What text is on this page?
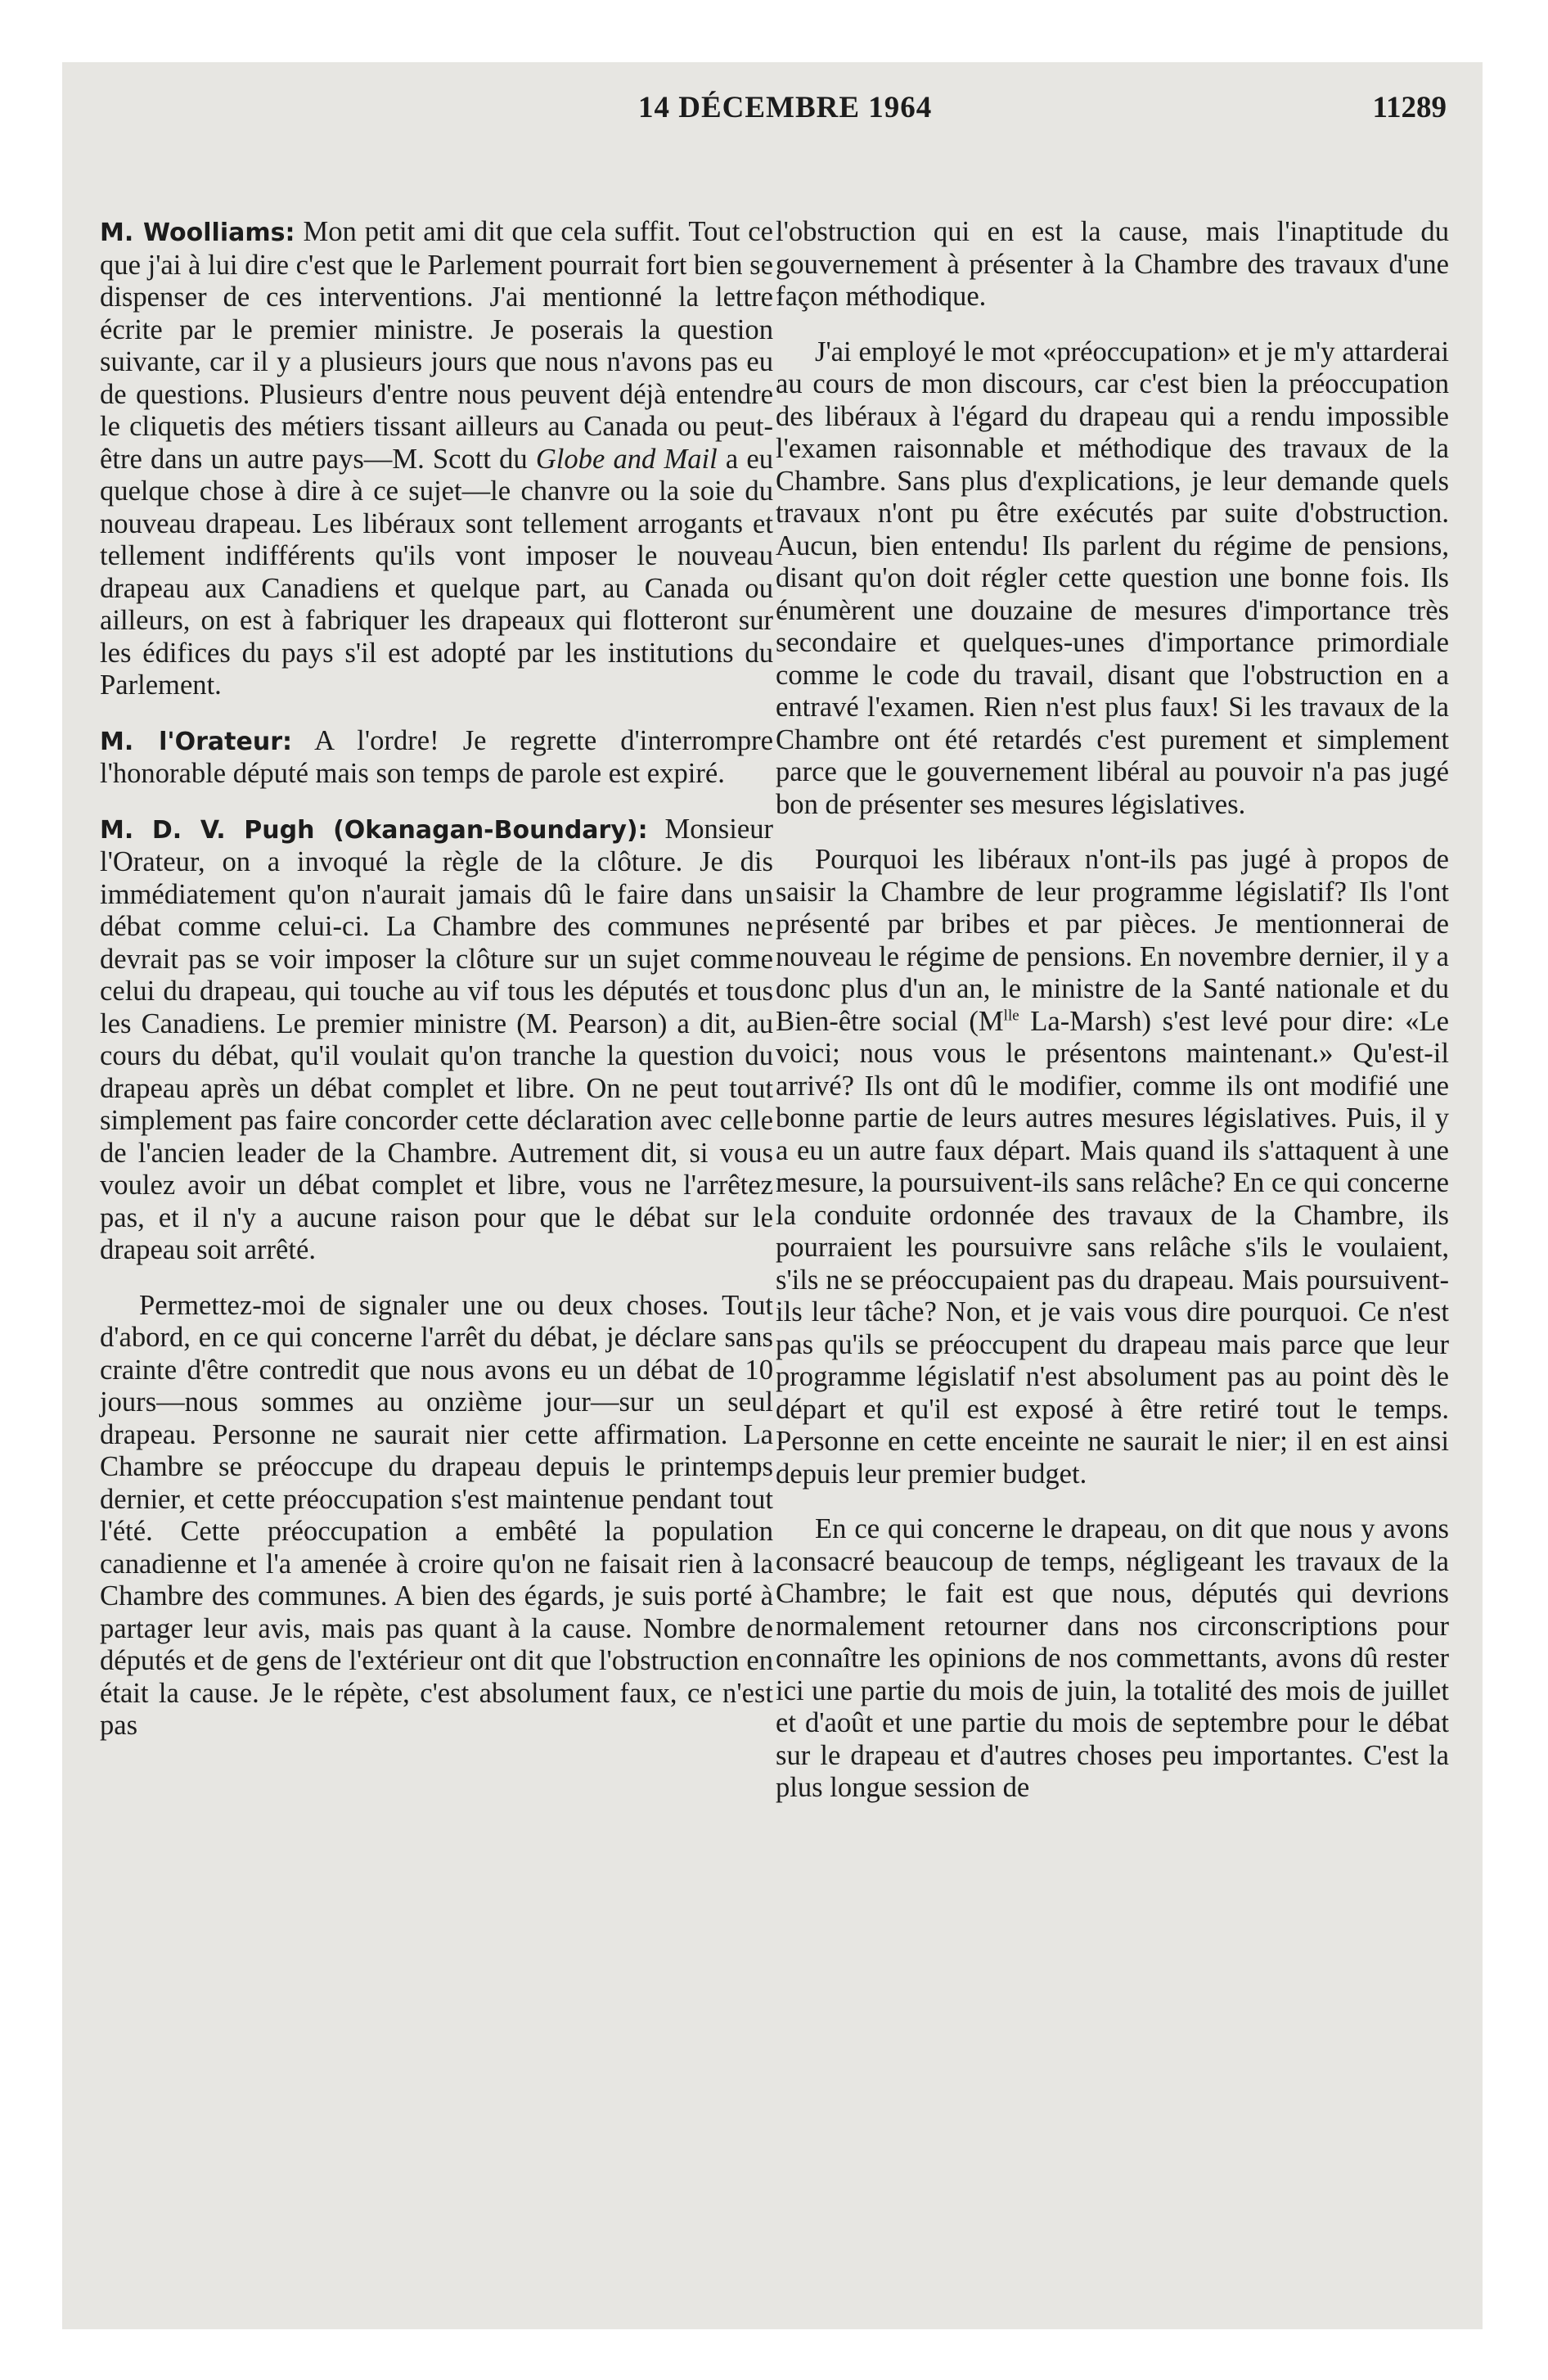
14 DÉCEMBRE 1964	11289

M. Woolliams: Mon petit ami dit que cela suffit. Tout ce que j'ai à lui dire c'est que le Parlement pourrait fort bien se dispenser de ces interventions. J'ai mentionné la lettre écrite par le premier ministre. Je poserais la question suivante, car il y a plusieurs jours que nous n'avons pas eu de questions. Plusieurs d'entre nous peuvent déjà entendre le cliquetis des métiers tissant ailleurs au Canada ou peut-être dans un autre pays—M. Scott du Globe and Mail a eu quelque chose à dire à ce sujet—le chanvre ou la soie du nouveau drapeau. Les libéraux sont tellement arrogants et tellement indifférents qu'ils vont imposer le nouveau drapeau aux Canadiens et quelque part, au Canada ou ailleurs, on est à fabriquer les drapeaux qui flotteront sur les édifices du pays s'il est adopté par les institutions du Parlement.

M. l'Orateur: A l'ordre! Je regrette d'interrompre l'honorable député mais son temps de parole est expiré.

M. D. V. Pugh (Okanagan-Boundary): Monsieur l'Orateur, on a invoqué la règle de la clôture. Je dis immédiatement qu'on n'aurait jamais dû le faire dans un débat comme celui-ci. La Chambre des communes ne devrait pas se voir imposer la clôture sur un sujet comme celui du drapeau, qui touche au vif tous les députés et tous les Canadiens. Le premier ministre (M. Pearson) a dit, au cours du débat, qu'il voulait qu'on tranche la question du drapeau après un débat complet et libre. On ne peut tout simplement pas faire concorder cette déclaration avec celle de l'ancien leader de la Chambre. Autrement dit, si vous voulez avoir un débat complet et libre, vous ne l'arrêtez pas, et il n'y a aucune raison pour que le débat sur le drapeau soit arrêté.

Permettez-moi de signaler une ou deux choses. Tout d'abord, en ce qui concerne l'arrêt du débat, je déclare sans crainte d'être contredit que nous avons eu un débat de 10 jours—nous sommes au onzième jour—sur un seul drapeau. Personne ne saurait nier cette affirmation. La Chambre se préoccupe du drapeau depuis le printemps dernier, et cette préoccupation s'est maintenue pendant tout l'été. Cette préoccupation a embêté la population canadienne et l'a amenée à croire qu'on ne faisait rien à la Chambre des communes. A bien des égards, je suis porté à partager leur avis, mais pas quant à la cause. Nombre de députés et de gens de l'extérieur ont dit que l'obstruction en était la cause. Je le répète, c'est absolument faux, ce n'est pas

l'obstruction qui en est la cause, mais l'inaptitude du gouvernement à présenter à la Chambre des travaux d'une façon méthodique.

J'ai employé le mot «préoccupation» et je m'y attarderai au cours de mon discours, car c'est bien la préoccupation des libéraux à l'égard du drapeau qui a rendu impossible l'examen raisonnable et méthodique des travaux de la Chambre. Sans plus d'explications, je leur demande quels travaux n'ont pu être exécutés par suite d'obstruction. Aucun, bien entendu! Ils parlent du régime de pensions, disant qu'on doit régler cette question une bonne fois. Ils énumèrent une douzaine de mesures d'importance très secondaire et quelques-unes d'importance primordiale comme le code du travail, disant que l'obstruction en a entravé l'examen. Rien n'est plus faux! Si les travaux de la Chambre ont été retardés c'est purement et simplement parce que le gouvernement libéral au pouvoir n'a pas jugé bon de présenter ses mesures législatives.

Pourquoi les libéraux n'ont-ils pas jugé à propos de saisir la Chambre de leur programme législatif? Ils l'ont présenté par bribes et par pièces. Je mentionnerai de nouveau le régime de pensions. En novembre dernier, il y a donc plus d'un an, le ministre de la Santé nationale et du Bien-être social ($M^{lle}$ La-Marsh) s'est levé pour dire: «Le voici; nous vous le présentons maintenant.» Qu'est-il arrivé? Ils ont dû le modifier, comme ils ont modifié une bonne partie de leurs autres mesures législatives. Puis, il y a eu un autre faux départ. Mais quand ils s'attaquent à une mesure, la poursuivent-ils sans relâche? En ce qui concerne la conduite ordonnée des travaux de la Chambre, ils pourraient les poursuivre sans relâche s'ils le voulaient, s'ils ne se préoccupaient pas du drapeau. Mais poursuivent-ils leur tâche? Non, et je vais vous dire pourquoi. Ce n'est pas qu'ils se préoccupent du drapeau mais parce que leur programme législatif n'est absolument pas au point dès le départ et qu'il est exposé à être retiré tout le temps. Personne en cette enceinte ne saurait le nier; il en est ainsi depuis leur premier budget.

En ce qui concerne le drapeau, on dit que nous y avons consacré beaucoup de temps, négligeant les travaux de la Chambre; le fait est que nous, députés qui devrions normalement retourner dans nos circonscriptions pour connaître les opinions de nos commettants, avons dû rester ici une partie du mois de juin, la totalité des mois de juillet et d'août et une partie du mois de septembre pour le débat sur le drapeau et d'autres choses peu importantes. C'est la plus longue session de
